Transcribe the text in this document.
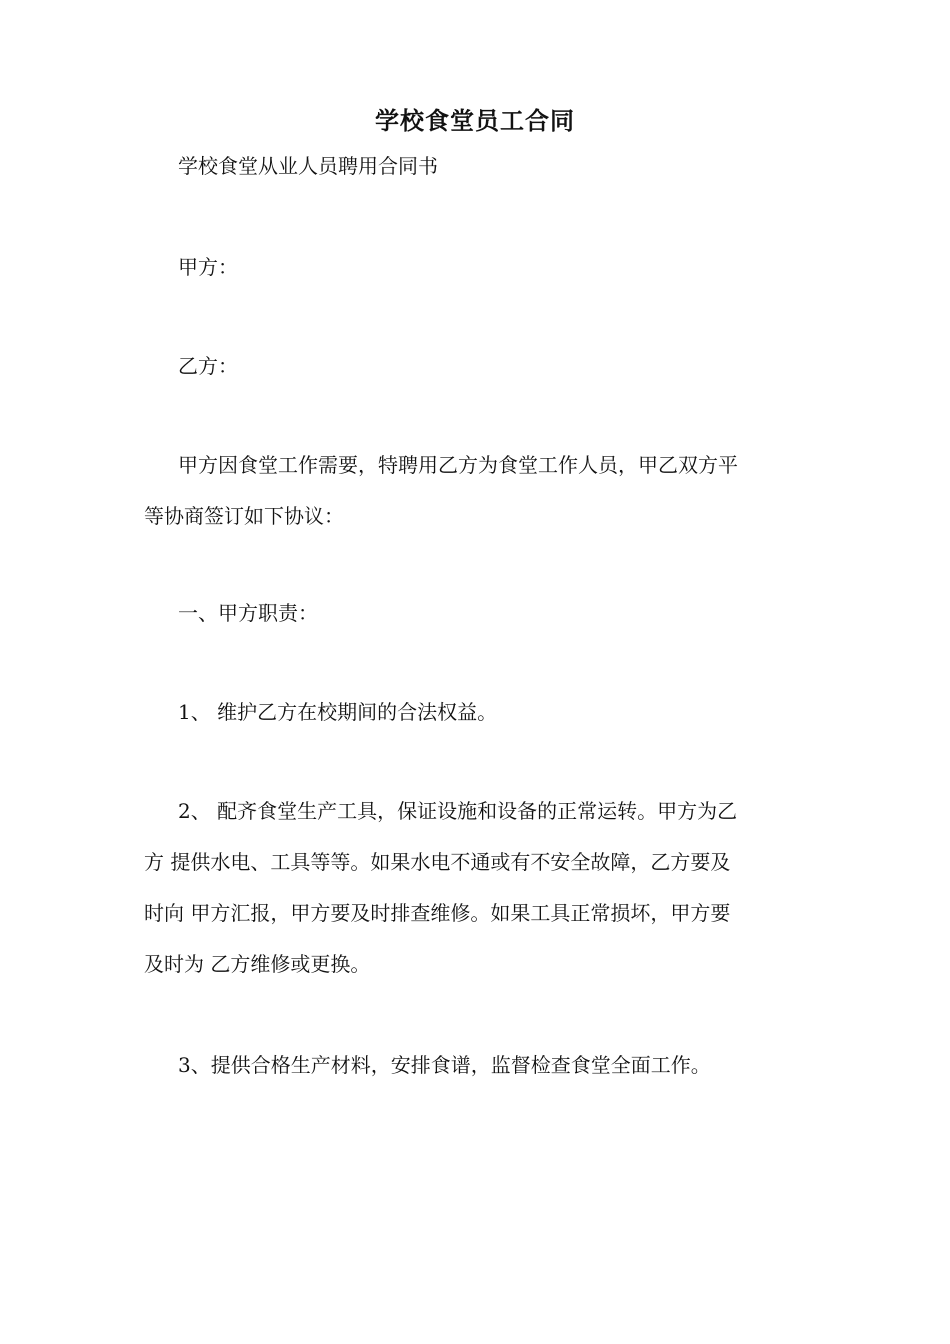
学校食堂员工合同
学校食堂从业人员聘用合同书
甲方：
乙方：
甲方因食堂工作需要，特聘用乙方为食堂工作人员，甲乙双方平
等协商签订如下协议：
一、甲方职责：
1、 维护乙方在校期间的合法权益。
2、 配齐食堂生产工具，保证设施和设备的正常运转。甲方为乙
方 提供水电、工具等等。如果水电不通或有不安全故障，乙方要及
时向 甲方汇报，甲方要及时排查维修。如果工具正常损坏，甲方要
及时为 乙方维修或更换。
3、提供合格生产材料，安排食谱，监督检查食堂全面工作。
